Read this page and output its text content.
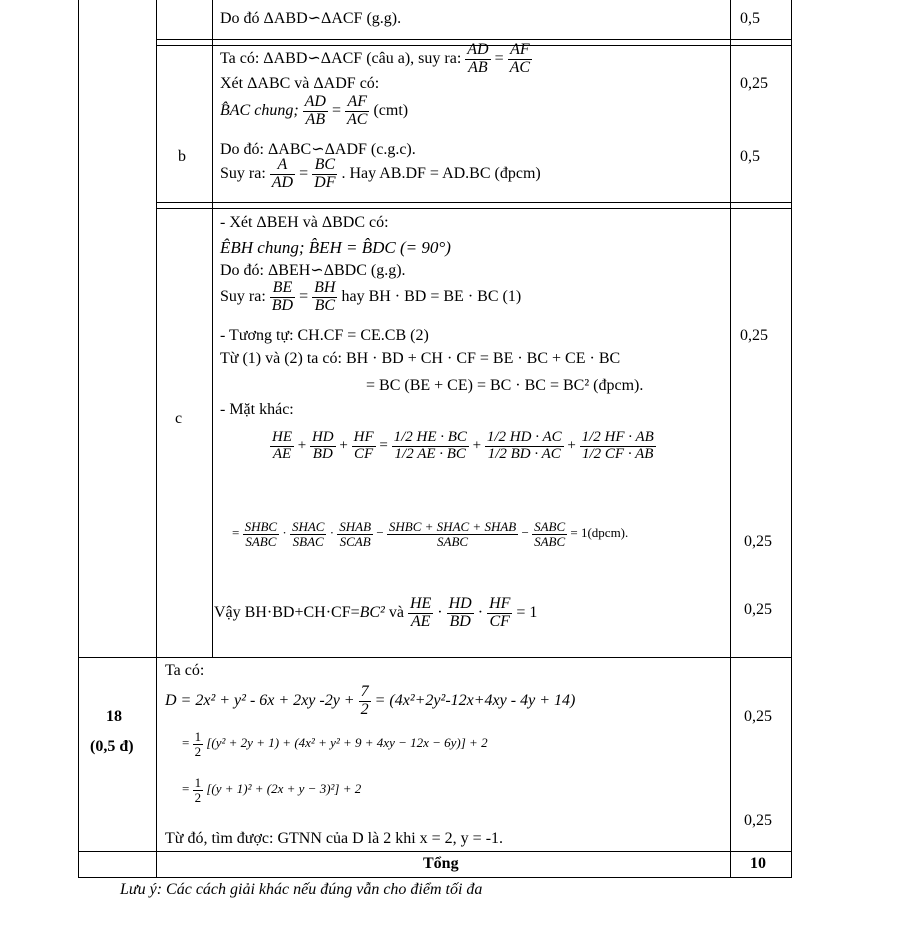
Do đó ΔABD∽ΔACF (g.g).	0,5
b
Ta có: ΔABD∽ΔACF (câu a), suy ra: $\frac{AD}{AB} = \frac{AF}{AC}$
Xét ΔABC và ΔADF có:
B̂AC chung; $\frac{AD}{AB} = \frac{AF}{AC} (cmt)$
Do đó: ΔABC∽ΔADF (c.g.c).
Suy ra: $\frac{A}{AD} = \frac{BC}{DF}$ . Hay AB.DF = AD.BC (đpcm)
0,25
0,5
c
- Xét ΔBEH và ΔBDC có:
ÊBH chung; B̂EH = B̂DC (= 90°)
Do đó: ΔBEH∽ΔBDC (g.g).
Suy ra: $\frac{BE}{BD} = \frac{BH}{BC}$ hay BH · BD = BE · BC (1)
- Tương tự: CH.CF = CE.CB (2)
Từ (1) và (2) ta có: BH · BD + CH · CF = BE · BC + CE · BC
= BC (BE + CE) = BC · BC = BC² (đpcm).
- Mặt khác:
$\frac{HE}{AE} + \frac{HD}{BD} + \frac{HF}{CF} = \frac{1/2 HE \cdot BC}{1/2 AE \cdot BC} + \frac{1/2 HD \cdot AC}{1/2 BD \cdot AC} + \frac{1/2 HF \cdot AB}{1/2 CF \cdot AB}$
= $\frac{\text{SHBC}}{\text{SABC}} \cdot \frac{\text{SHAC}}{\text{SBAC}} \cdot \frac{\text{SHAB}}{\text{SCAB}} - \frac{\text{SHBC + SHAC + SHAB}}{\text{SABC}} - \frac{\text{SABC}}{\text{SABC}}$ = 1(dpcm).
Vậy BH·BD+CH·CF=BC² và $\frac{HE}{AE} \cdot \frac{HD}{BD} \cdot \frac{HF}{CF} = 1$
0,25
0,25
0,25
18
(0,5 đ)
Ta có:
D = 2x² + y² - 6x + 2xy $-2y + \frac{7}{2} = (4x^2+2y^2-12x+4xy - 4y + 14)$
= $\frac{1}{2} [(y^2 + 2y + 1) + (4x^2 + y^2 + 9 + 4xy - 12x - 6y)] + 2$
= $\frac{1}{2} [(y + 1)^2 + (2x + y - 3)^2] + 2$
Từ đó, tìm được: GTNN của D là 2 khi x = 2, y = -1.
0,25
0,25
Tổng	10
Lưu ý: Các cách giải khác nếu đúng vẫn cho điểm tối đa
